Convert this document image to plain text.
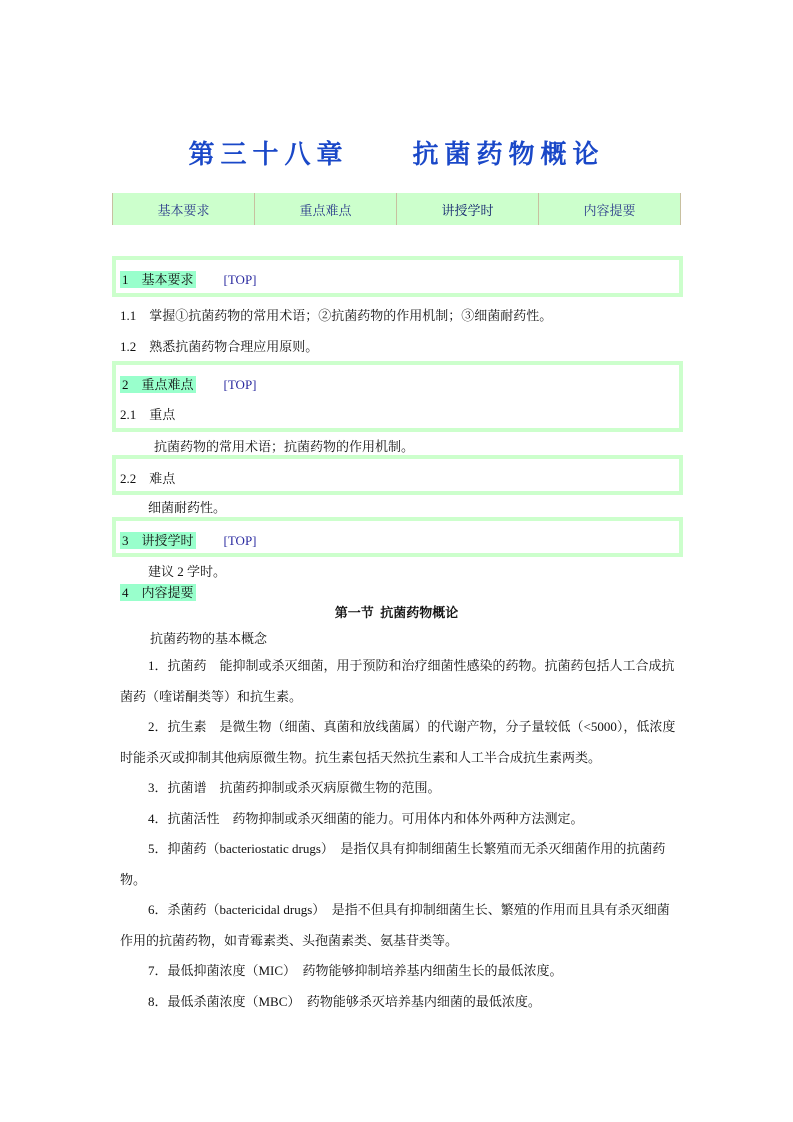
第三十八章　　抗菌药物概论
基本要求	重点难点	讲授学时	内容提要
1　基本要求 [TOP]
1.1　掌握①抗菌药物的常用术语；②抗菌药物的作用机制；③细菌耐药性。
1.2　熟悉抗菌药物合理应用原则。
2　重点难点 [TOP]
2.1　重点
抗菌药物的常用术语；抗菌药物的作用机制。
2.2　难点
细菌耐药性。
3　讲授学时 [TOP]
建议 2 学时。
4　内容提要
第一节  抗菌药物概论
抗菌药物的基本概念
1．抗菌药　能抑制或杀灭细菌，用于预防和治疗细菌性感染的药物。抗菌药包括人工合成抗菌药（喹诺酮类等）和抗生素。
2．抗生素　是微生物（细菌、真菌和放线菌属）的代谢产物，分子量较低（<5000），低浓度时能杀灭或抑制其他病原微生物。抗生素包括天然抗生素和人工半合成抗生素两类。
3．抗菌谱　抗菌药抑制或杀灭病原微生物的范围。
4．抗菌活性　药物抑制或杀灭细菌的能力。可用体内和体外两种方法测定。
5．抑菌药（bacteriostatic drugs）　是指仅具有抑制细菌生长繁殖而无杀灭细菌作用的抗菌药物。
6．杀菌药（bactericidal drugs）　是指不但具有抑制细菌生长、繁殖的作用而且具有杀灭细菌作用的抗菌药物，如青霉素类、头孢菌素类、氨基苷类等。
7．最低抑菌浓度（MIC）　药物能够抑制培养基内细菌生长的最低浓度。
8．最低杀菌浓度（MBC）　药物能够杀灭培养基内细菌的最低浓度。
